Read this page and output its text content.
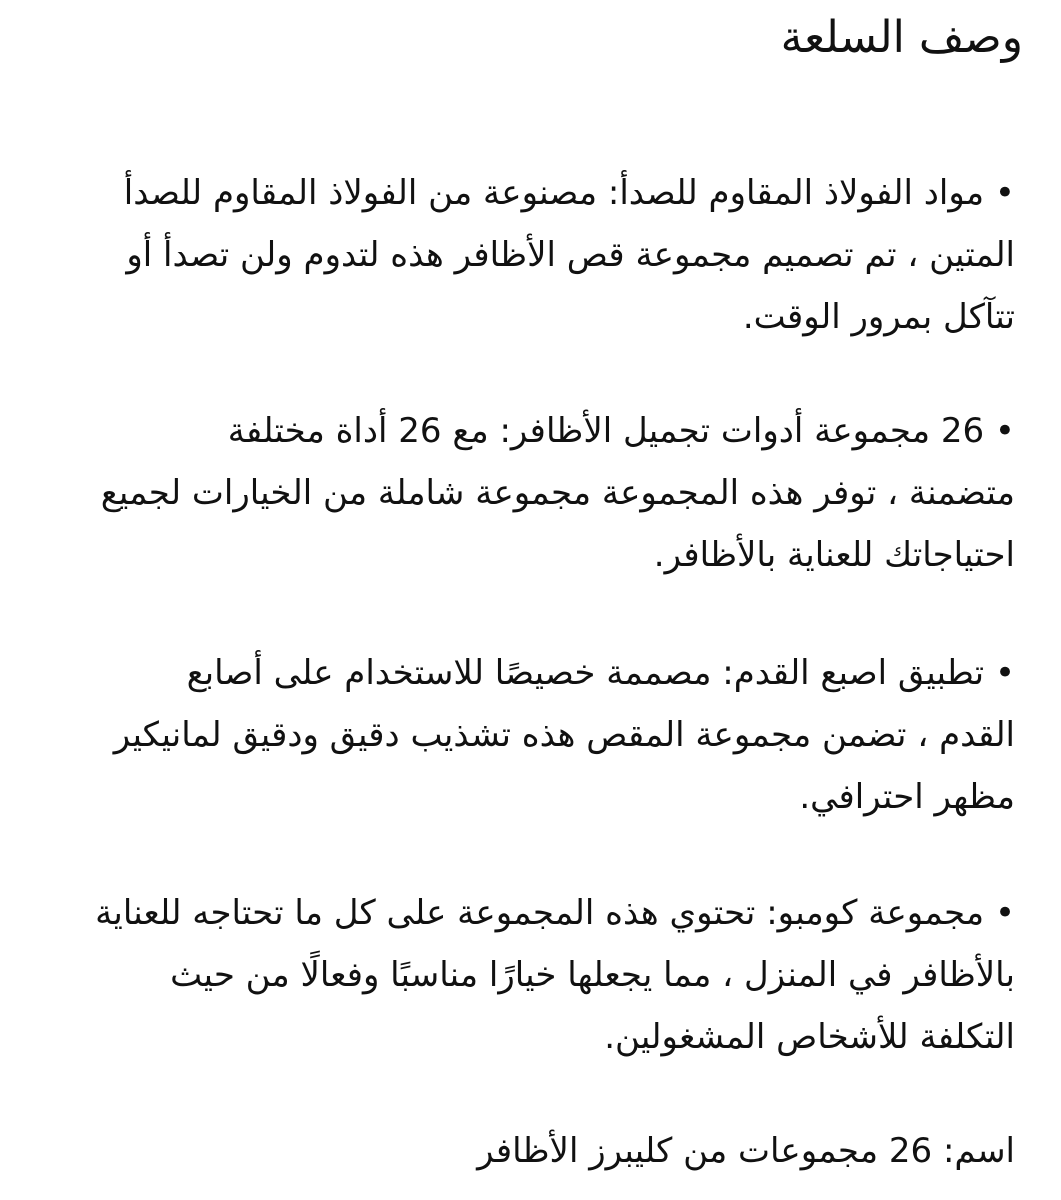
وصف السلعة

• مواد الفولاذ المقاوم للصدأ: مصنوعة من الفولاذ المقاوم للصدأ
المتين ، تم تصميم مجموعة قص الأظافر هذه لتدوم ولن تصدأ أو
تتآكل بمرور الوقت.

• 26 مجموعة أدوات تجميل الأظافر: مع 26 أداة مختلفة
متضمنة ، توفر هذه المجموعة مجموعة شاملة من الخيارات لجميع
احتياجاتك للعناية بالأظافر.

• تطبيق اصبع القدم: مصممة خصيصًا للاستخدام على أصابع
القدم ، تضمن مجموعة المقص هذه تشذيب دقيق ودقيق لمانيكير
مظهر احترافي.

• مجموعة كومبو: تحتوي هذه المجموعة على كل ما تحتاجه للعناية
بالأظافر في المنزل ، مما يجعلها خيارًا مناسبًا وفعالًا من حيث
التكلفة للأشخاص المشغولين.

اسم: 26 مجموعات من كليبرز الأظافر
